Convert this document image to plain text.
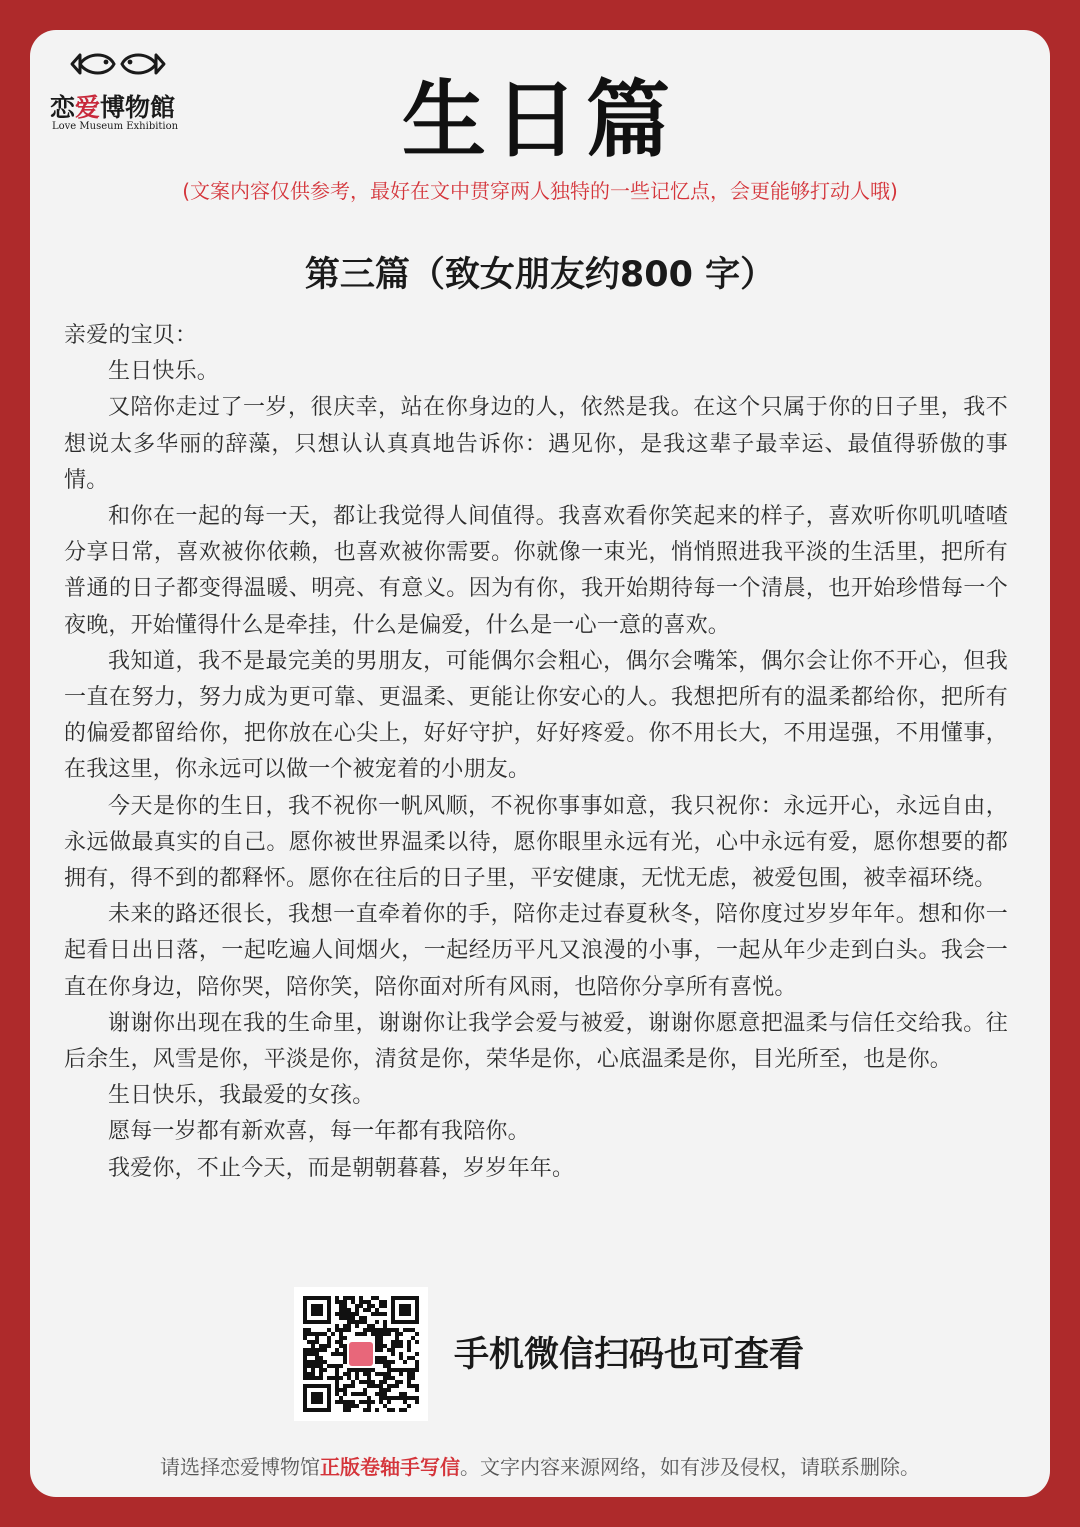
恋爱博物館
Love Museum Exhibition	生日篇
(文案内容仅供参考，最好在文中贯穿两人独特的一些记忆点，会更能够打动人哦)
第三篇（致女朋友约800 字）

亲爱的宝贝：

生日快乐。

又陪你走过了一岁，很庆幸，站在你身边的人，依然是我。在这个只属于你的日子里，我不想说太多华丽的辞藻，只想认认真真地告诉你：遇见你，是我这辈子最幸运、最值得骄傲的事情。

和你在一起的每一天，都让我觉得人间值得。我喜欢看你笑起来的样子，喜欢听你叽叽喳喳分享日常，喜欢被你依赖，也喜欢被你需要。你就像一束光，悄悄照进我平淡的生活里，把所有普通的日子都变得温暖、明亮、有意义。因为有你，我开始期待每一个清晨，也开始珍惜每一个夜晚，开始懂得什么是牵挂，什么是偏爱，什么是一心一意的喜欢。

我知道，我不是最完美的男朋友，可能偶尔会粗心，偶尔会嘴笨，偶尔会让你不开心，但我一直在努力，努力成为更可靠、更温柔、更能让你安心的人。我想把所有的温柔都给你，把所有的偏爱都留给你，把你放在心尖上，好好守护，好好疼爱。你不用长大，不用逞强，不用懂事，在我这里，你永远可以做一个被宠着的小朋友。

今天是你的生日，我不祝你一帆风顺，不祝你事事如意，我只祝你：永远开心，永远自由，永远做最真实的自己。愿你被世界温柔以待，愿你眼里永远有光，心中永远有爱，愿你想要的都拥有，得不到的都释怀。愿你在往后的日子里，平安健康，无忧无虑，被爱包围，被幸福环绕。

未来的路还很长，我想一直牵着你的手，陪你走过春夏秋冬，陪你度过岁岁年年。想和你一起看日出日落，一起吃遍人间烟火，一起经历平凡又浪漫的小事，一起从年少走到白头。我会一直在你身边，陪你哭，陪你笑，陪你面对所有风雨，也陪你分享所有喜悦。

谢谢你出现在我的生命里，谢谢你让我学会爱与被爱，谢谢你愿意把温柔与信任交给我。往后余生，风雪是你，平淡是你，清贫是你，荣华是你，心底温柔是你，目光所至，也是你。

生日快乐，我最爱的女孩。

愿每一岁都有新欢喜，每一年都有我陪你。

我爱你，不止今天，而是朝朝暮暮，岁岁年年。

手机微信扫码也可查看
请选择恋爱博物馆正版卷轴手写信。文字内容来源网络，如有涉及侵权，请联系删除。
